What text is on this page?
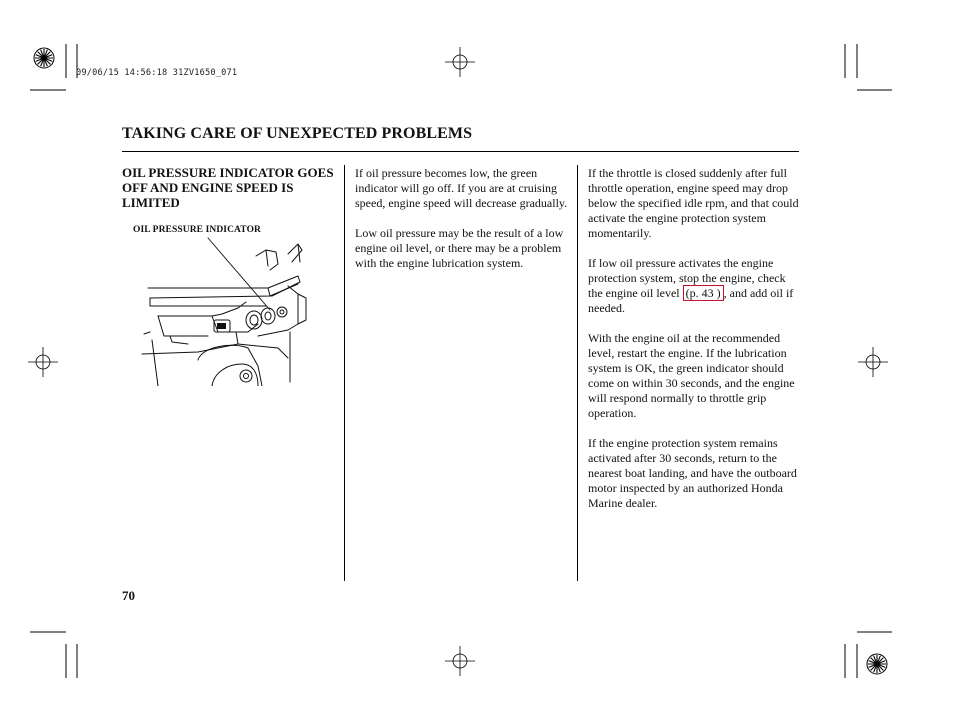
09/06/15 14:56:18 31ZV1650_071
TAKING CARE OF UNEXPECTED PROBLEMS
OIL PRESSURE INDICATOR GOES OFF AND ENGINE SPEED IS LIMITED
OIL PRESSURE INDICATOR

If oil pressure becomes low, the green indicator will go off. If you are at cruising speed, engine speed will decrease gradually.

Low oil pressure may be the result of a low engine oil level, or there may be a problem with the engine lubrication system.

If the throttle is closed suddenly after full throttle operation, engine speed may drop below the specified idle rpm, and that could activate the engine protection system momentarily.

If low oil pressure activates the engine protection system, stop the engine, check the engine oil level (p. 43 ) , and add oil if needed.

With the engine oil at the recommended level, restart the engine. If the lubrication system is OK, the green indicator should come on within 30 seconds, and the engine will respond normally to throttle grip operation.

If the engine protection system remains activated after 30 seconds, return to the nearest boat landing, and have the outboard motor inspected by an authorized Honda Marine dealer.

70
